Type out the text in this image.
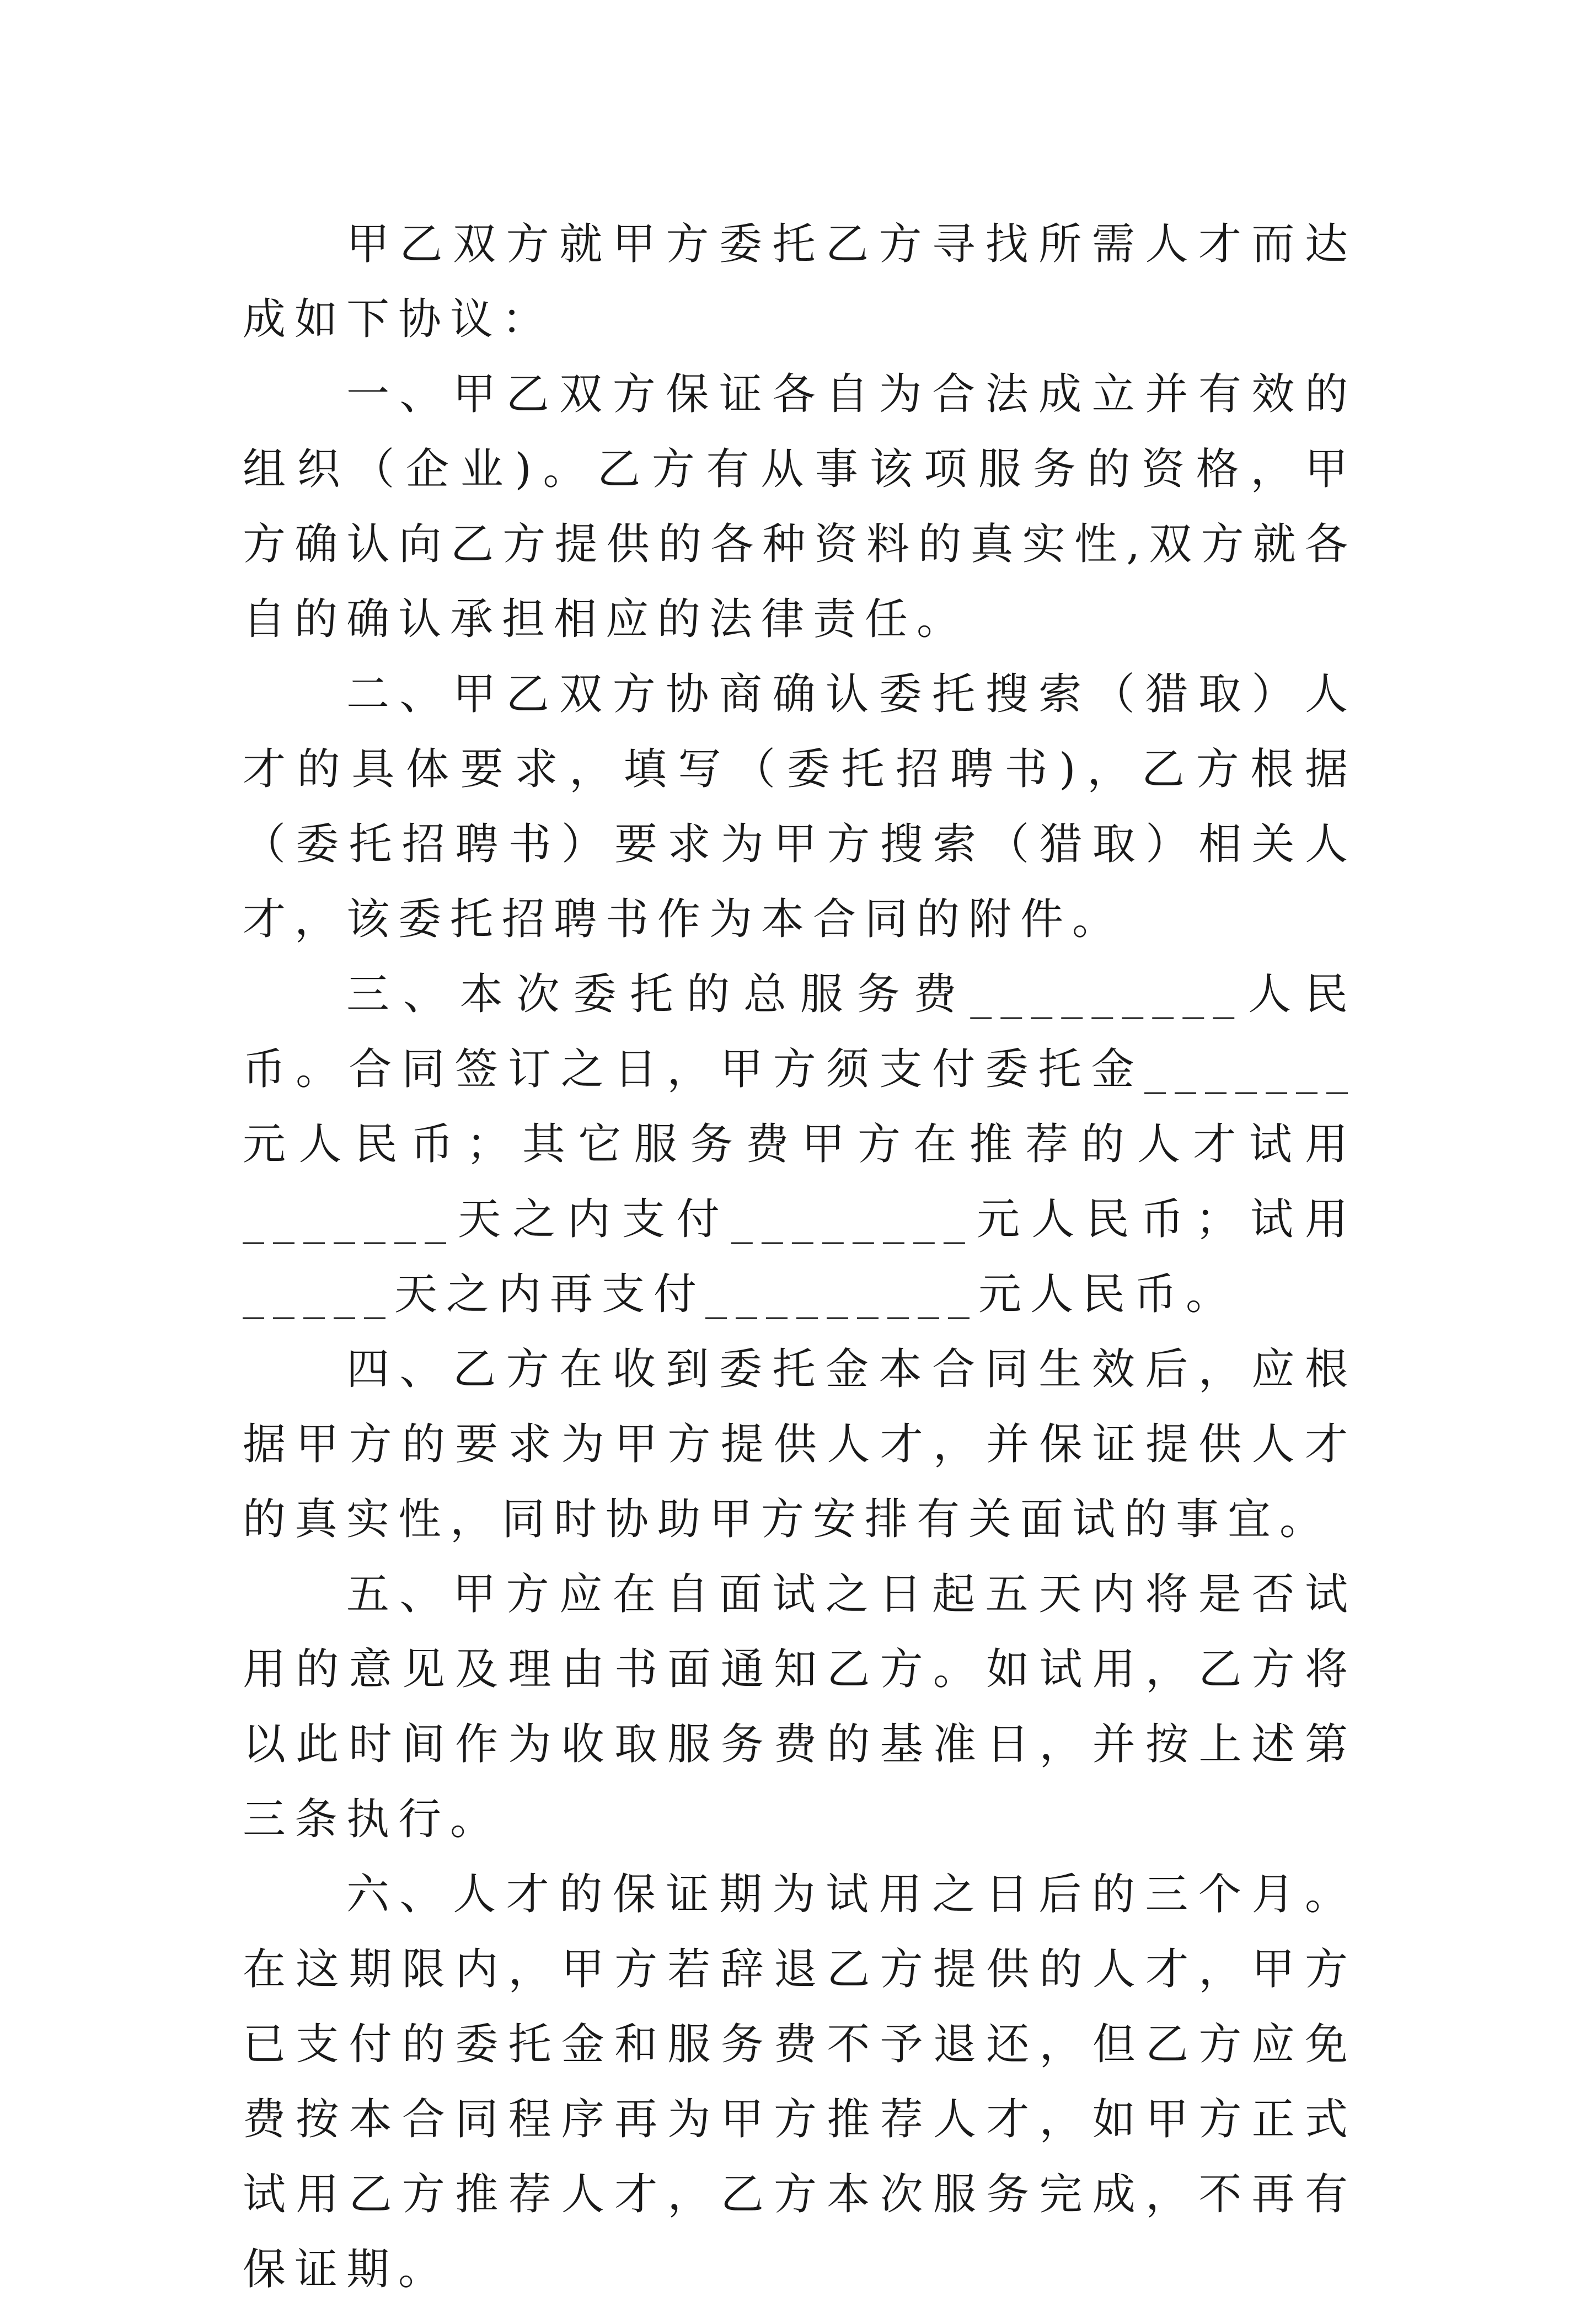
甲乙双方就甲方委托乙方寻找所需人才而达成如下协议：

一、甲乙双方保证各自为合法成立并有效的组织（企业)。乙方有从事该项服务的资格，甲方确认向乙方提供的各种资料的真实性,双方就各自的确认承担相应的法律责任。

二、甲乙双方协商确认委托搜索（猎取）人才的具体要求，填写（委托招聘书)，乙方根据（委托招聘书）要求为甲方搜索（猎取）相关人才，该委托招聘书作为本合同的附件。

三、本次委托的总服务费_________人民币。合同签订之日，甲方须支付委托金_______元人民币；其它服务费甲方在推荐的人才试用_______天之内支付________元人民币；试用_____天之内再支付_________元人民币。

四、乙方在收到委托金本合同生效后，应根据甲方的要求为甲方提供人才，并保证提供人才的真实性，同时协助甲方安排有关面试的事宜。

五、甲方应在自面试之日起五天内将是否试用的意见及理由书面通知乙方。如试用，乙方将以此时间作为收取服务费的基准日，并按上述第三条执行。

六、人才的保证期为试用之日后的三个月。在这期限内，甲方若辞退乙方提供的人才，甲方已支付的委托金和服务费不予退还，但乙方应免费按本合同程序再为甲方推荐人才，如甲方正式试用乙方推荐人才，乙方本次服务完成，不再有保证期。
